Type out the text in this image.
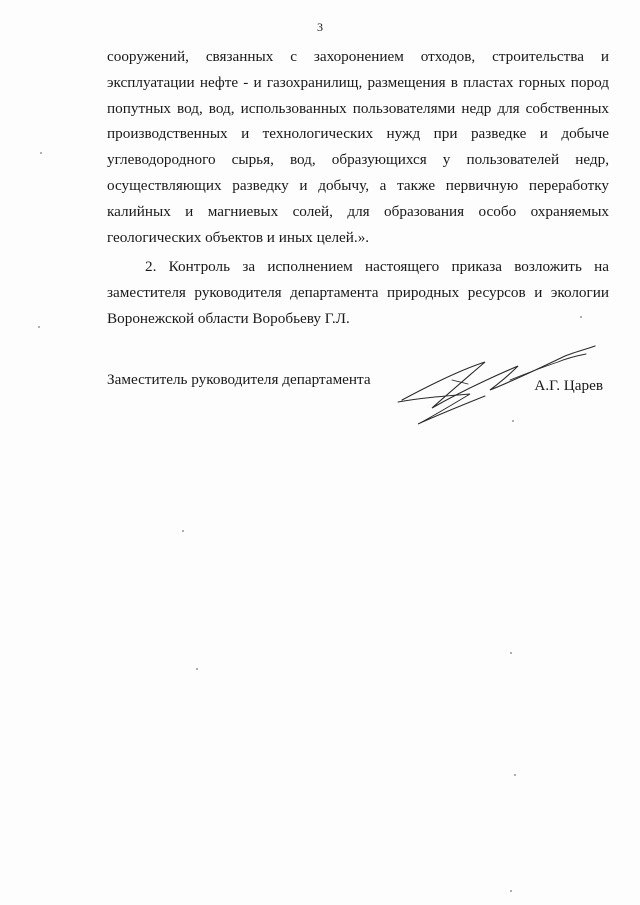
3
сооружений, связанных с захоронением отходов, строительства и
эксплуатации нефте - и газохранилищ, размещения в пластах горных пород
попутных вод, вод, использованных пользователями недр для собственных
производственных и технологических нужд при разведке и добыче
углеводородного сырья, вод, образующихся у пользователей недр,
осуществляющих разведку и добычу, а также первичную переработку
калийных и магниевых солей, для образования особо охраняемых
геологических объектов и иных целей.».
2. Контроль за исполнением настоящего приказа возложить на
заместителя руководителя департамента природных ресурсов и экологии
Воронежской области Воробьеву Г.Л.
Заместитель руководителя департамента	А.Г. Царев
